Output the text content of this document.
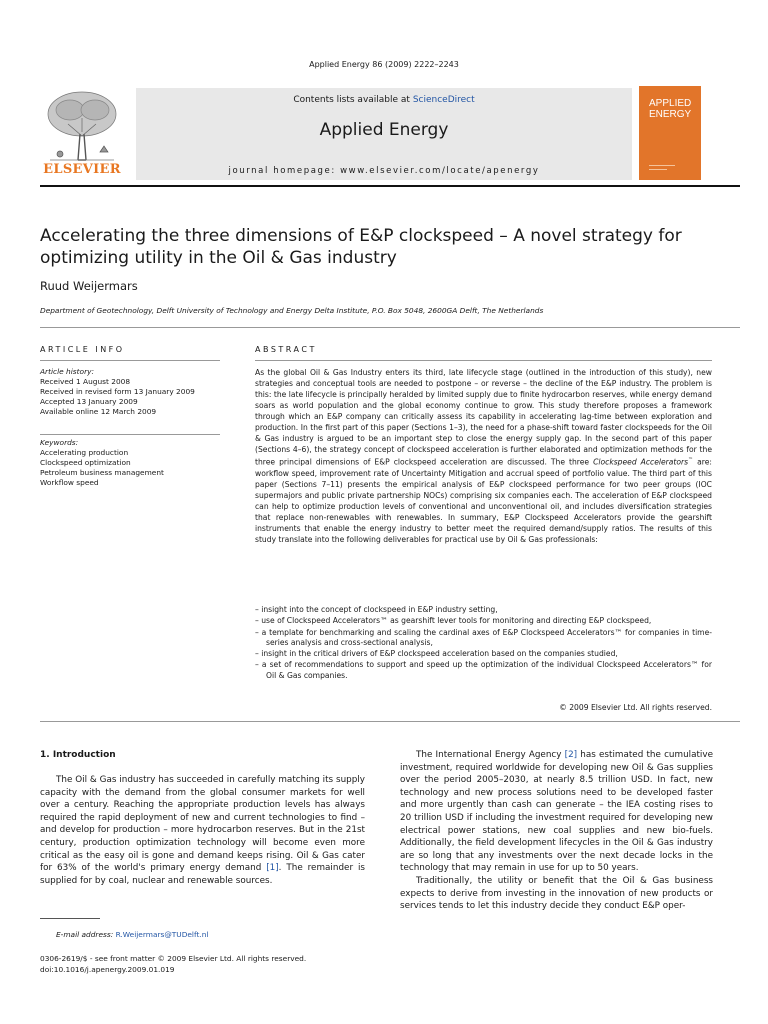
Applied Energy 86 (2009) 2222–2243
ELSEVIER
Contents lists available at ScienceDirect
Applied Energy
journal homepage: www.elsevier.com/locate/apenergy
APPLIED
ENERGY
Accelerating the three dimensions of E&P clockspeed – A novel strategy for optimizing utility in the Oil & Gas industry
Ruud Weijermars
Department of Geotechnology, Delft University of Technology and Energy Delta Institute, P.O. Box 5048, 2600GA Delft, The Netherlands
ARTICLE INFO	ABSTRACT
Article history:
Received 1 August 2008
Received in revised form 13 January 2009
Accepted 13 January 2009
Available online 12 March 2009
Keywords:
Accelerating production
Clockspeed optimization
Petroleum business management
Workflow speed
As the global Oil & Gas Industry enters its third, late lifecycle stage (outlined in the introduction of this study), new strategies and conceptual tools are needed to postpone – or reverse – the decline of the E&P industry. The problem is this: the late lifecycle is principally heralded by limited supply due to finite hydrocarbon reserves, while energy demand soars as world population and the global economy continue to grow. This study therefore proposes a framework through which an E&P company can critically assess its capability in accelerating lag-time between exploration and production. In the first part of this paper (Sections 1–3), the need for a phase-shift toward faster clockspeeds for the Oil & Gas industry is argued to be an important step to close the energy supply gap. In the second part of this paper (Sections 4–6), the strategy concept of clockspeed acceleration is further elaborated and optimization methods for the three principal dimensions of E&P clockspeed acceleration are discussed. The three Clockspeed Accelerators™ are: workflow speed, improvement rate of Uncertainty Mitigation and accrual speed of portfolio value. The third part of this paper (Sections 7–11) presents the empirical analysis of E&P clockspeed performance for two peer groups (IOC supermajors and public private partnership NOCs) comprising six companies each. The acceleration of E&P clockspeed can help to optimize production levels of conventional and unconventional oil, and includes diversification strategies that replace non-renewables with renewables. In summary, E&P Clockspeed Accelerators provide the gearshift instruments that enable the energy industry to better meet the required demand/supply ratios. The results of this study translate into the following deliverables for practical use by Oil & Gas professionals:
– insight into the concept of clockspeed in E&P industry setting,
– use of Clockspeed Accelerators™ as gearshift lever tools for monitoring and directing E&P clockspeed,
– a template for benchmarking and scaling the cardinal axes of E&P Clockspeed Accelerators™ for companies in time-series analysis and cross-sectional analysis,
– insight in the critical drivers of E&P clockspeed acceleration based on the companies studied,
– a set of recommendations to support and speed up the optimization of the individual Clockspeed Accelerators™ for Oil & Gas companies.
© 2009 Elsevier Ltd. All rights reserved.
1. Introduction
The Oil & Gas industry has succeeded in carefully matching its supply capacity with the demand from the global consumer markets for well over a century. Reaching the appropriate production levels has always required the rapid deployment of new and current technologies to find – and develop for production – more hydrocarbon reserves. But in the 21st century, production optimization technology will become even more critical as the easy oil is gone and demand keeps rising. Oil & Gas cater for 63% of the world's primary energy demand [1]. The remainder is supplied for by coal, nuclear and renewable sources.

The International Energy Agency [2] has estimated the cumulative investment, required worldwide for developing new Oil & Gas supplies over the period 2005–2030, at nearly 8.5 trillion USD. In fact, new technology and new process solutions need to be developed faster and more urgently than cash can generate – the IEA costing rises to 20 trillion USD if including the investment required for developing new electrical power stations, new coal supplies and new bio-fuels. Additionally, the field development lifecycles in the Oil & Gas industry are so long that any investments over the next decade locks in the technology that may remain in use for up to 50 years.

Traditionally, the utility or benefit that the Oil & Gas business expects to derive from investing in the innovation of new products or services tends to let this industry decide they conduct E&P oper-

E-mail address: R.Weijermars@TUDelft.nl
0306-2619/$ - see front matter © 2009 Elsevier Ltd. All rights reserved.
doi:10.1016/j.apenergy.2009.01.019
